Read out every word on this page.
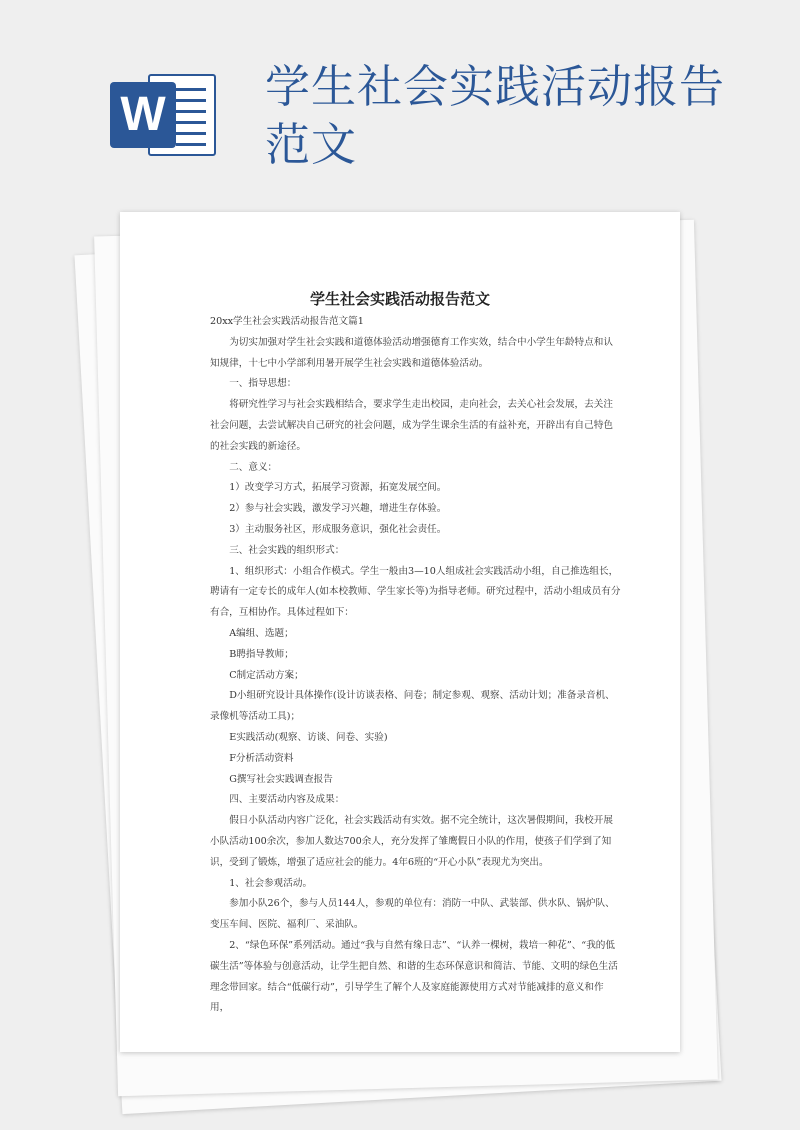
W
学生社会实践活动报告范文
学生社会实践活动报告范文

20xx学生社会实践活动报告范文篇1

为切实加强对学生社会实践和道德体验活动增强德育工作实效，结合中小学生年龄特点和认知规律，十七中小学部利用暑开展学生社会实践和道德体验活动。

一、指导思想：

将研究性学习与社会实践相结合，要求学生走出校园，走向社会，去关心社会发展，去关注社会问题，去尝试解决自己研究的社会问题，成为学生课余生活的有益补充，开辟出有自己特色的社会实践的新途径。

二、意义：

1）改变学习方式，拓展学习资源，拓宽发展空间。

2）参与社会实践，激发学习兴趣，增进生存体验。

3）主动服务社区，形成服务意识，强化社会责任。

三、社会实践的组织形式：

1、组织形式：小组合作模式。学生一般由3—10人组成社会实践活动小组，自己推选组长，聘请有一定专长的成年人(如本校教师、学生家长等)为指导老师。研究过程中，活动小组成员有分有合，互相协作。具体过程如下：

A编组、选题；

B聘指导教师；

C制定活动方案；

D小组研究设计具体操作(设计访谈表格、问卷；制定参观、观察、活动计划；准备录音机、录像机等活动工具)；

E实践活动(观察、访谈、问卷、实验)

F分析活动资料

G撰写社会实践调查报告

四、主要活动内容及成果：

假日小队活动内容广泛化，社会实践活动有实效。据不完全统计，这次暑假期间，我校开展小队活动100余次，参加人数达700余人，充分发挥了雏鹰假日小队的作用，使孩子们学到了知识，受到了锻炼，增强了适应社会的能力。4年6班的“开心小队”表现尤为突出。

1、社会参观活动。

参加小队26个，参与人员144人，参观的单位有：消防一中队、武装部、供水队、锅炉队、变压车间、医院、福利厂、采油队。

2、“绿色环保”系列活动。通过“我与自然有缘日志”、“认养一棵树，栽培一种花”、“我的低碳生活”等体验与创意活动，让学生把自然、和谐的生态环保意识和简洁、节能、文明的绿色生活理念带回家。结合“低碳行动”，引导学生了解个人及家庭能源使用方式对节能减排的意义和作用，
